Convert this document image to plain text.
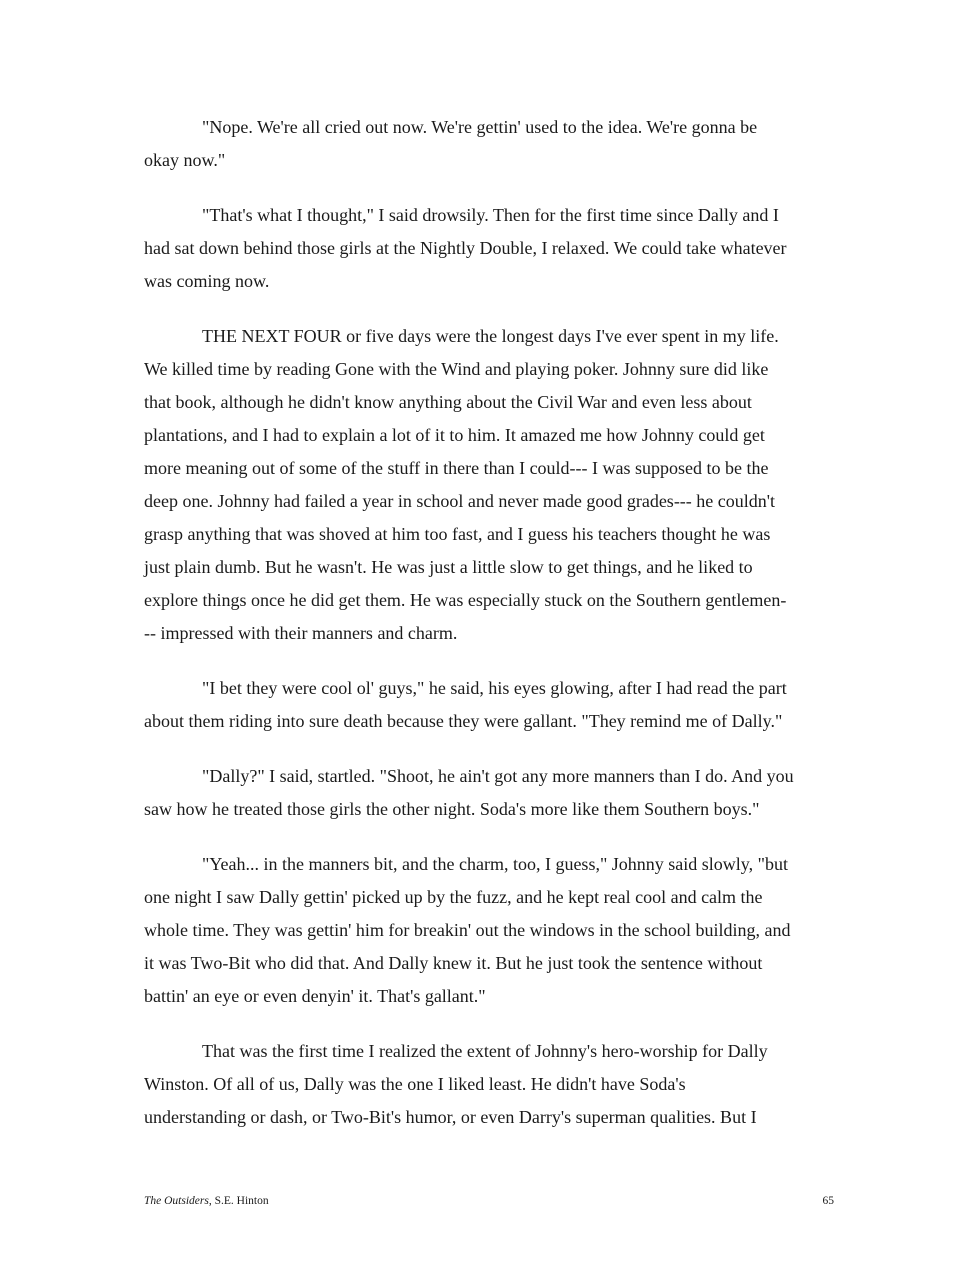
"Nope. We're all cried out now. We're gettin' used to the idea. We're gonna be
okay now."

"That's what I thought," I said drowsily. Then for the first time since Dally and I
had sat down behind those girls at the Nightly Double, I relaxed. We could take whatever
was coming now.

THE NEXT FOUR or five days were the longest days I've ever spent in my life.
We killed time by reading Gone with the Wind and playing poker. Johnny sure did like
that book, although he didn't know anything about the Civil War and even less about
plantations, and I had to explain a lot of it to him. It amazed me how Johnny could get
more meaning out of some of the stuff in there than I could--- I was supposed to be the
deep one. Johnny had failed a year in school and never made good grades--- he couldn't
grasp anything that was shoved at him too fast, and I guess his teachers thought he was
just plain dumb. But he wasn't. He was just a little slow to get things, and he liked to
explore things once he did get them. He was especially stuck on the Southern gentlemen-
-- impressed with their manners and charm.

"I bet they were cool ol' guys," he said, his eyes glowing, after I had read the part
about them riding into sure death because they were gallant. "They remind me of Dally."

"Dally?" I said, startled. "Shoot, he ain't got any more manners than I do. And you
saw how he treated those girls the other night. Soda's more like them Southern boys."

"Yeah... in the manners bit, and the charm, too, I guess," Johnny said slowly, "but
one night I saw Dally gettin' picked up by the fuzz, and he kept real cool and calm the
whole time. They was gettin' him for breakin' out the windows in the school building, and
it was Two-Bit who did that. And Dally knew it. But he just took the sentence without
battin' an eye or even denyin' it. That's gallant."

That was the first time I realized the extent of Johnny's hero-worship for Dally
Winston. Of all of us, Dally was the one I liked least. He didn't have Soda's
understanding or dash, or Two-Bit's humor, or even Darry's superman qualities. But I

The Outsiders, S.E. Hinton	65
